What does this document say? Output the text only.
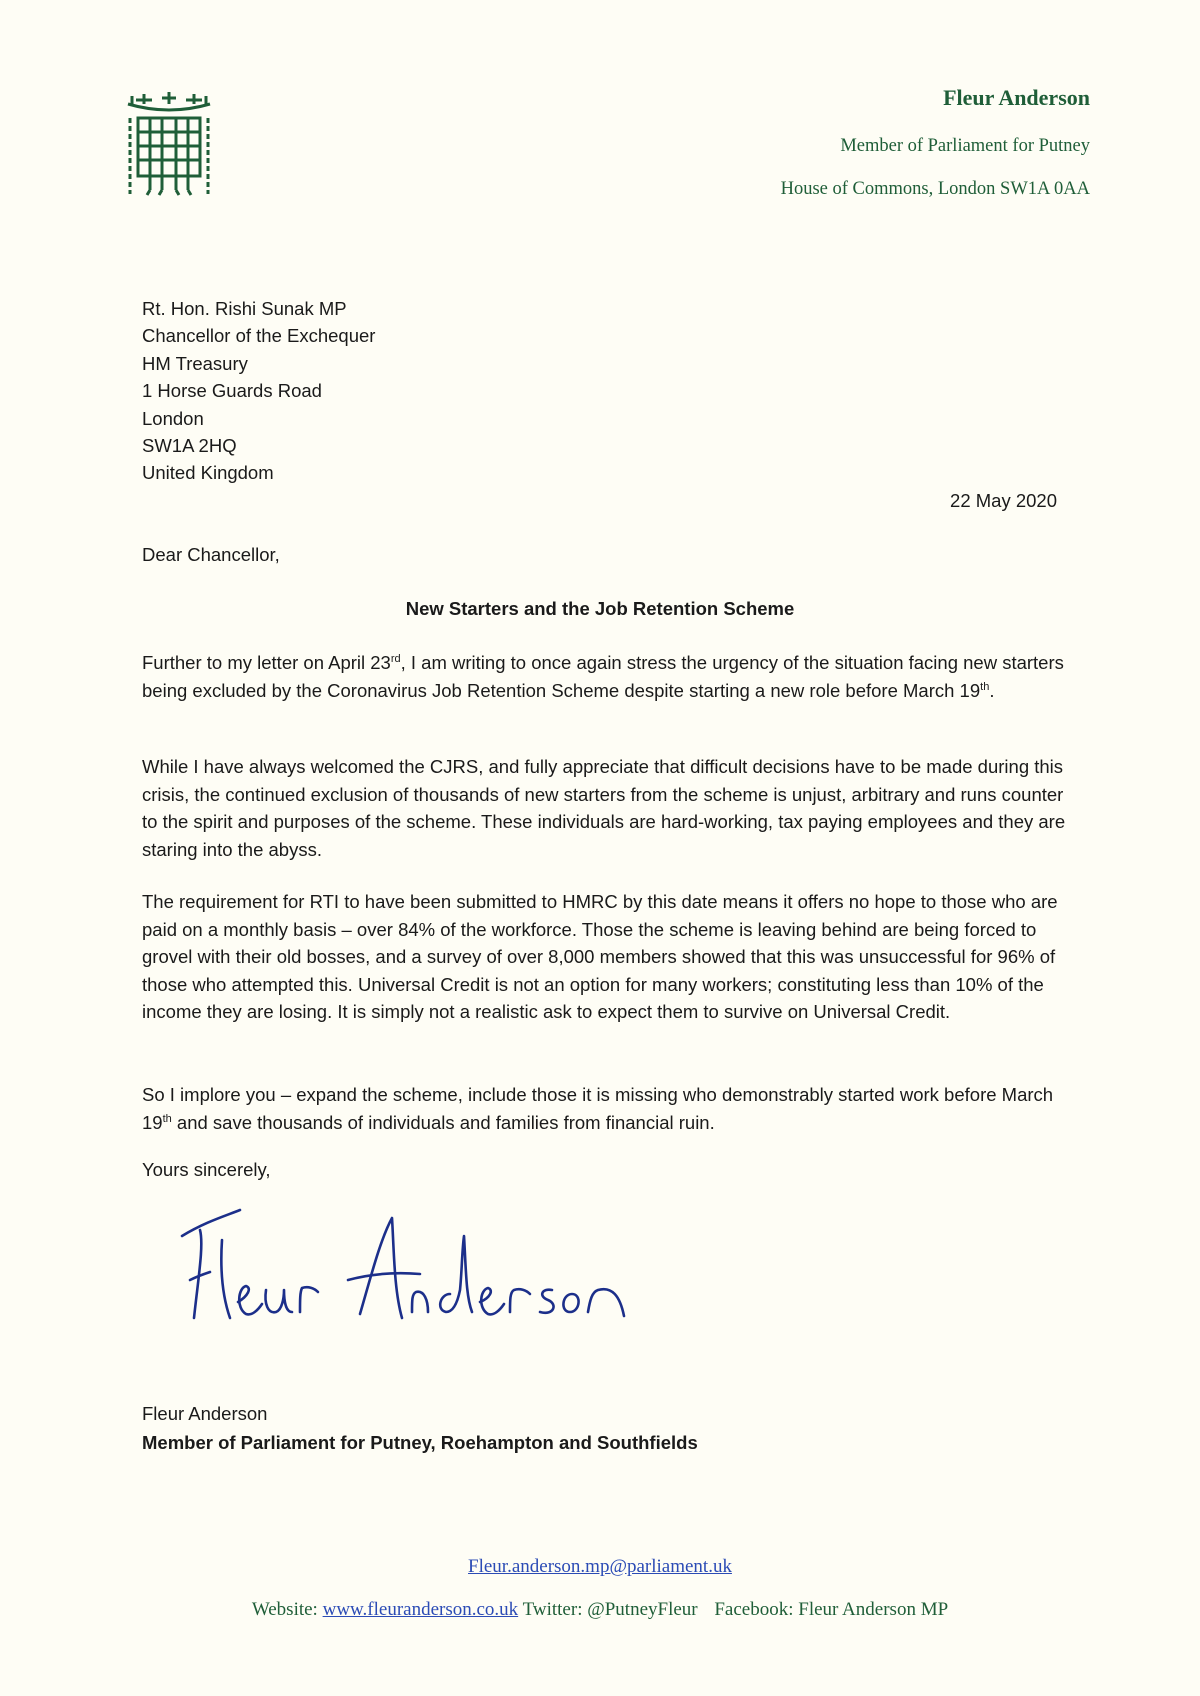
Fleur Anderson
Member of Parliament for Putney
House of Commons, London SW1A 0AA
Rt. Hon. Rishi Sunak MP
Chancellor of the Exchequer
HM Treasury
1 Horse Guards Road
London
SW1A 2HQ
United Kingdom
22 May 2020
Dear Chancellor,
New Starters and the Job Retention Scheme
Further to my letter on April 23rd, I am writing to once again stress the urgency of the situation facing new starters being excluded by the Coronavirus Job Retention Scheme despite starting a new role before March 19th.
While I have always welcomed the CJRS, and fully appreciate that difficult decisions have to be made during this crisis, the continued exclusion of thousands of new starters from the scheme is unjust, arbitrary and runs counter to the spirit and purposes of the scheme. These individuals are hard-working, tax paying employees and they are staring into the abyss.
The requirement for RTI to have been submitted to HMRC by this date means it offers no hope to those who are paid on a monthly basis – over 84% of the workforce. Those the scheme is leaving behind are being forced to grovel with their old bosses, and a survey of over 8,000 members showed that this was unsuccessful for 96% of those who attempted this. Universal Credit is not an option for many workers; constituting less than 10% of the income they are losing. It is simply not a realistic ask to expect them to survive on Universal Credit.
So I implore you – expand the scheme, include those it is missing who demonstrably started work before March 19th and save thousands of individuals and families from financial ruin.
Yours sincerely,
Fleur Anderson
Member of Parliament for Putney, Roehampton and Southfields
Fleur.anderson.mp@parliament.uk
Website: www.fleuranderson.co.uk Twitter: @PutneyFleur Facebook: Fleur Anderson MP
